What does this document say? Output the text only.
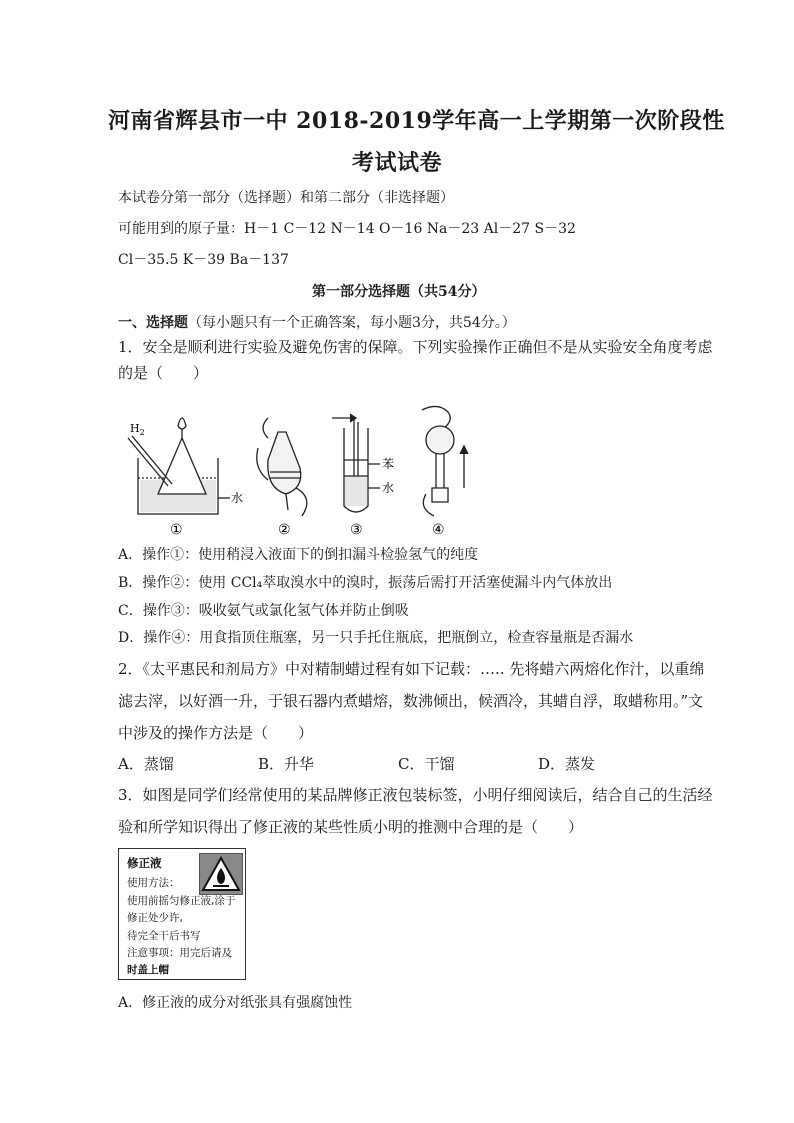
河南省辉县市一中 2018-2019学年高一上学期第一次阶段性
考试试卷
本试卷分第一部分（选择题）和第二部分（非选择题）
可能用到的原子量：H－1 C－12 N－14 O－16 Na－23 Al－27 S－32
Cl－35.5 K－39 Ba－137
第一部分选择题（共54分）
一、选择题（每小题只有一个正确答案，每小题3分，共54分。）
1．安全是顺利进行实验及避免伤害的保障。下列实验操作正确但不是从实验安全角度考虑
的是（　　）
$H_2$
水
苯
水
①	②	③	④
A．操作①：使用稍浸入液面下的倒扣漏斗检验氢气的纯度
B．操作②：使用 CCl₄萃取溴水中的溴时，振荡后需打开活塞使漏斗内气体放出
C．操作③：吸收氨气或氯化氢气体并防止倒吸
D．操作④：用食指顶住瓶塞，另一只手托住瓶底，把瓶倒立，检查容量瓶是否漏水
2．《太平惠民和剂局方》中对精制蜡过程有如下记载：….. 先将蜡六两熔化作汁，以重绵
滤去滓，以好酒一升，于银石器内煮蜡熔，数沸倾出，候酒冷，其蜡自浮，取蜡称用。”文
中涉及的操作方法是（　　）
A．蒸馏	B．升华	C．干馏	D．蒸发
3．如图是同学们经常使用的某品牌修正液包装标签，小明仔细阅读后，结合自己的生活经
验和所学知识得出了修正液的某些性质小明的推测中合理的是（　　）
修正液
使用方法：
使用前摇匀修正液,涂于
修正处少许,
待完全干后书写
注意事项：用完后请及
时盖上帽
A．修正液的成分对纸张具有强腐蚀性
